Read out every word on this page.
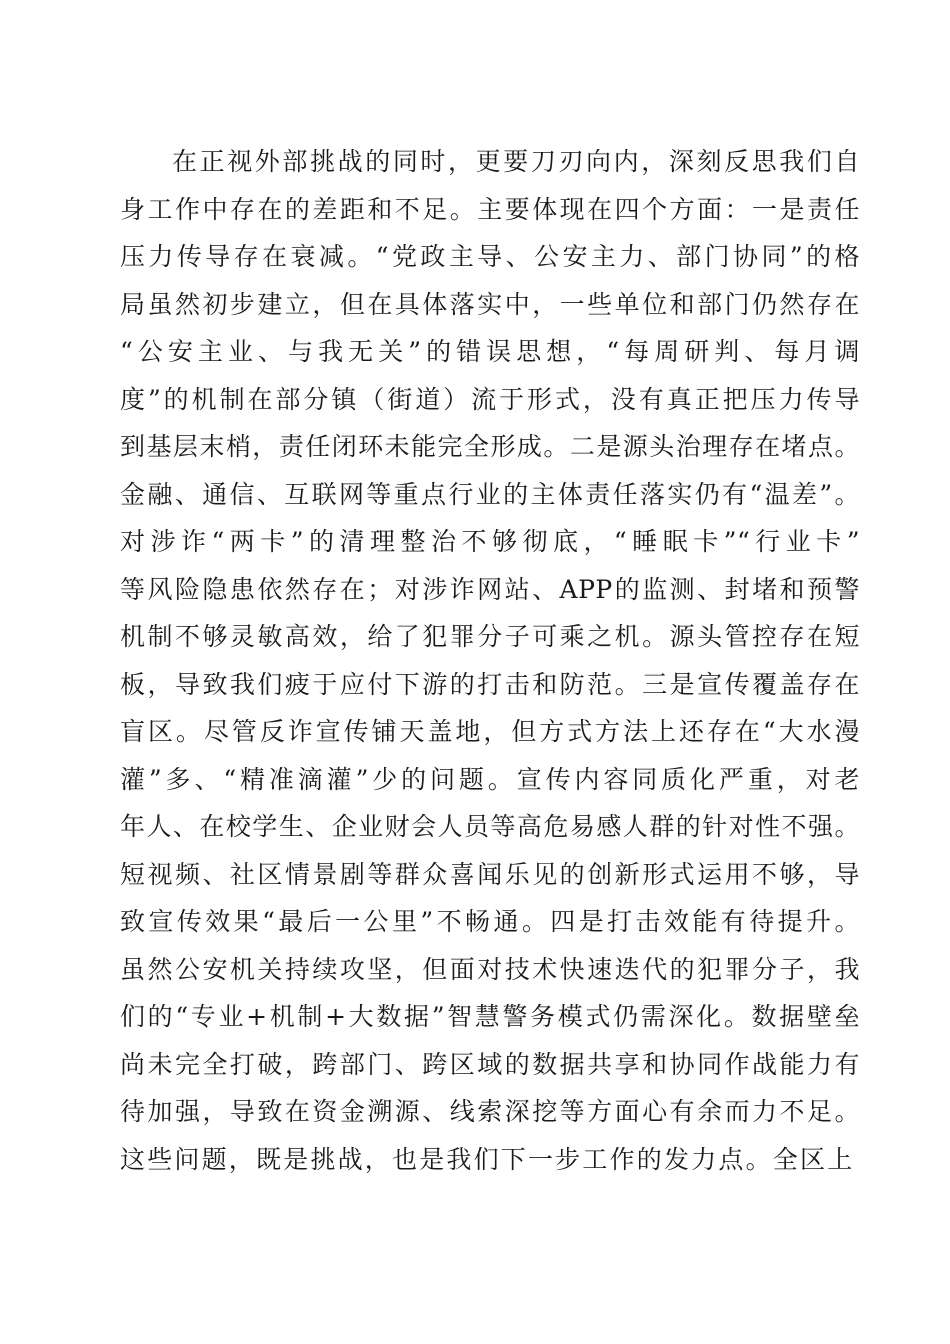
在正视外部挑战的同时，更要刀刃向内，深刻反思我们自
身工作中存在的差距和不足。主要体现在四个方面：一是责任
压力传导存在衰减。“党政主导、公安主力、部门协同”的格
局虽然初步建立，但在具体落实中，一些单位和部门仍然存在
“公安主业、与我无关”的错误思想，“每周研判、每月调
度”的机制在部分镇（街道）流于形式，没有真正把压力传导
到基层末梢，责任闭环未能完全形成。二是源头治理存在堵点。
金融、通信、互联网等重点行业的主体责任落实仍有“温差”。
对涉诈“两卡”的清理整治不够彻底，“睡眠卡”“行业卡”
等风险隐患依然存在；对涉诈网站、APP的监测、封堵和预警
机制不够灵敏高效，给了犯罪分子可乘之机。源头管控存在短
板，导致我们疲于应付下游的打击和防范。三是宣传覆盖存在
盲区。尽管反诈宣传铺天盖地，但方式方法上还存在“大水漫
灌”多、“精准滴灌”少的问题。宣传内容同质化严重，对老
年人、在校学生、企业财会人员等高危易感人群的针对性不强。
短视频、社区情景剧等群众喜闻乐见的创新形式运用不够，导
致宣传效果“最后一公里”不畅通。四是打击效能有待提升。
虽然公安机关持续攻坚，但面对技术快速迭代的犯罪分子，我
们的“专业+机制+大数据”智慧警务模式仍需深化。数据壁垒
尚未完全打破，跨部门、跨区域的数据共享和协同作战能力有
待加强，导致在资金溯源、线索深挖等方面心有余而力不足。
这些问题，既是挑战，也是我们下一步工作的发力点。全区上
